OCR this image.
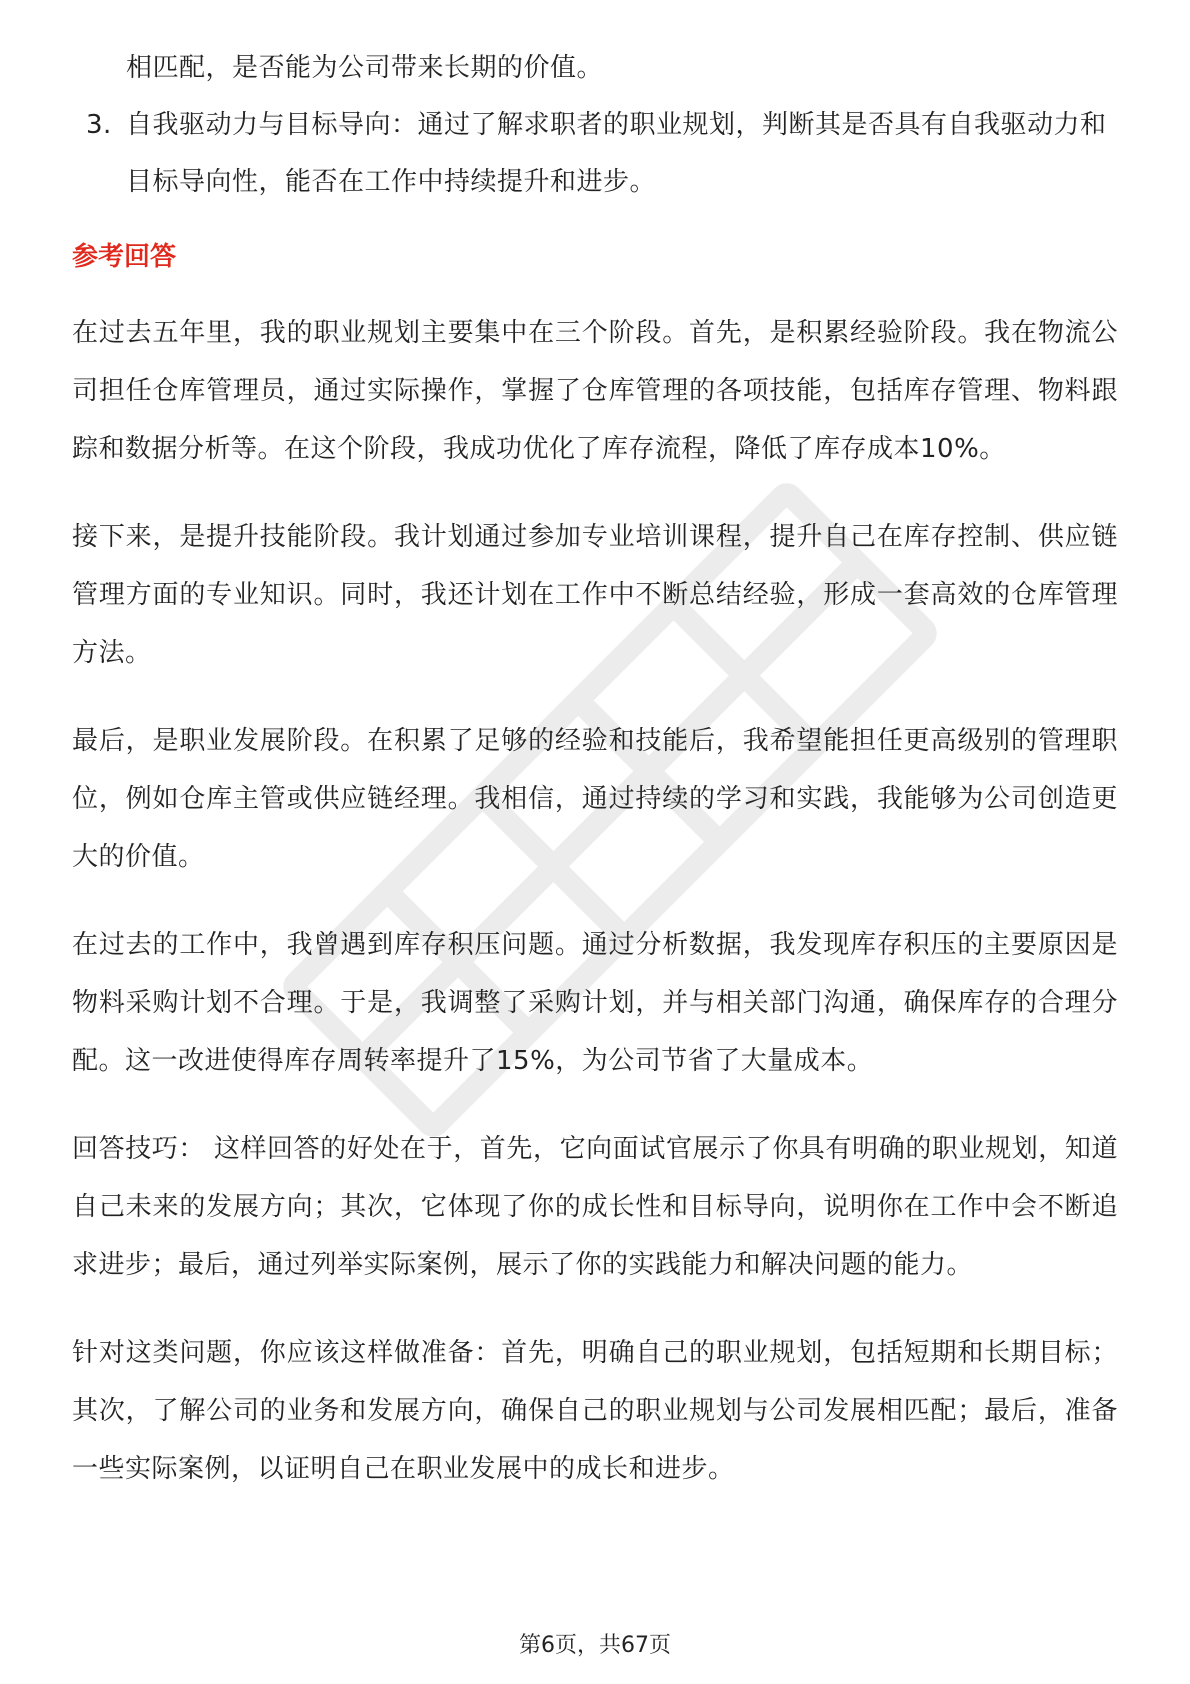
相匹配，是否能为公司带来长期的价值。

3. 自我驱动力与目标导向：通过了解求职者的职业规划，判断其是否具有自我驱动力和目标导向性，能否在工作中持续提升和进步。
参考回答

在过去五年里，我的职业规划主要集中在三个阶段。首先，是积累经验阶段。我在物流公司担任仓库管理员，通过实际操作，掌握了仓库管理的各项技能，包括库存管理、物料跟踪和数据分析等。在这个阶段，我成功优化了库存流程，降低了库存成本10%。

接下来，是提升技能阶段。我计划通过参加专业培训课程，提升自己在库存控制、供应链管理方面的专业知识。同时，我还计划在工作中不断总结经验，形成一套高效的仓库管理方法。

最后，是职业发展阶段。在积累了足够的经验和技能后，我希望能担任更高级别的管理职位，例如仓库主管或供应链经理。我相信，通过持续的学习和实践，我能够为公司创造更大的价值。

在过去的工作中，我曾遇到库存积压问题。通过分析数据，我发现库存积压的主要原因是物料采购计划不合理。于是，我调整了采购计划，并与相关部门沟通，确保库存的合理分配。这一改进使得库存周转率提升了15%，为公司节省了大量成本。

回答技巧： 这样回答的好处在于，首先，它向面试官展示了你具有明确的职业规划，知道自己未来的发展方向；其次，它体现了你的成长性和目标导向，说明你在工作中会不断追求进步；最后，通过列举实际案例，展示了你的实践能力和解决问题的能力。

针对这类问题，你应该这样做准备：首先，明确自己的职业规划，包括短期和长期目标；其次，了解公司的业务和发展方向，确保自己的职业规划与公司发展相匹配；最后，准备一些实际案例，以证明自己在职业发展中的成长和进步。

第6页，共67页
